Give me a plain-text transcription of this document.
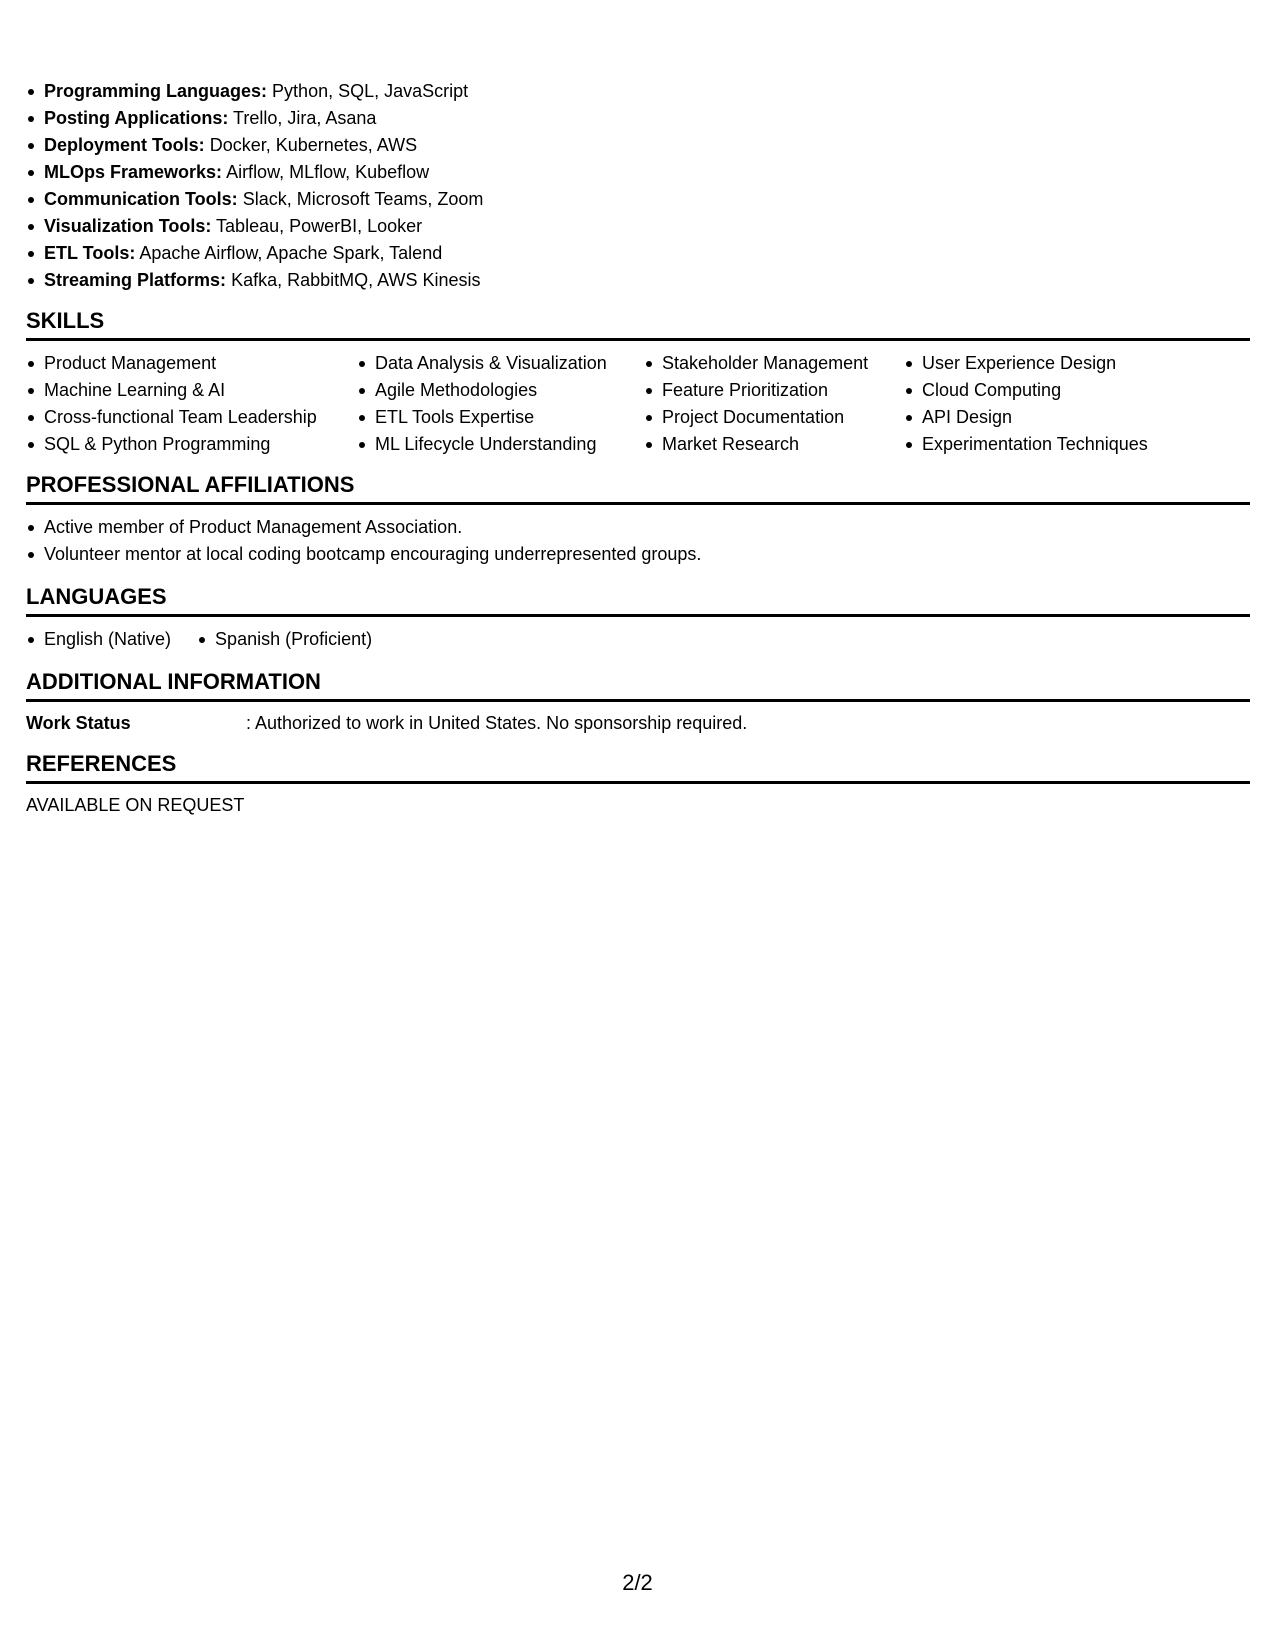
Programming Languages: Python, SQL, JavaScript
Posting Applications: Trello, Jira, Asana
Deployment Tools: Docker, Kubernetes, AWS
MLOps Frameworks: Airflow, MLflow, Kubeflow
Communication Tools: Slack, Microsoft Teams, Zoom
Visualization Tools: Tableau, PowerBI, Looker
ETL Tools: Apache Airflow, Apache Spark, Talend
Streaming Platforms: Kafka, RabbitMQ, AWS Kinesis
SKILLS
Product Management
Machine Learning & AI
Cross-functional Team Leadership
SQL & Python Programming
Data Analysis & Visualization
Agile Methodologies
ETL Tools Expertise
ML Lifecycle Understanding
Stakeholder Management
Feature Prioritization
Project Documentation
Market Research
User Experience Design
Cloud Computing
API Design
Experimentation Techniques
PROFESSIONAL AFFILIATIONS
Active member of Product Management Association.
Volunteer mentor at local coding bootcamp encouraging underrepresented groups.
LANGUAGES
English (Native)	Spanish (Proficient)
ADDITIONAL INFORMATION
Work Status	: Authorized to work in United States. No sponsorship required.
REFERENCES
AVAILABLE ON REQUEST
2/2
